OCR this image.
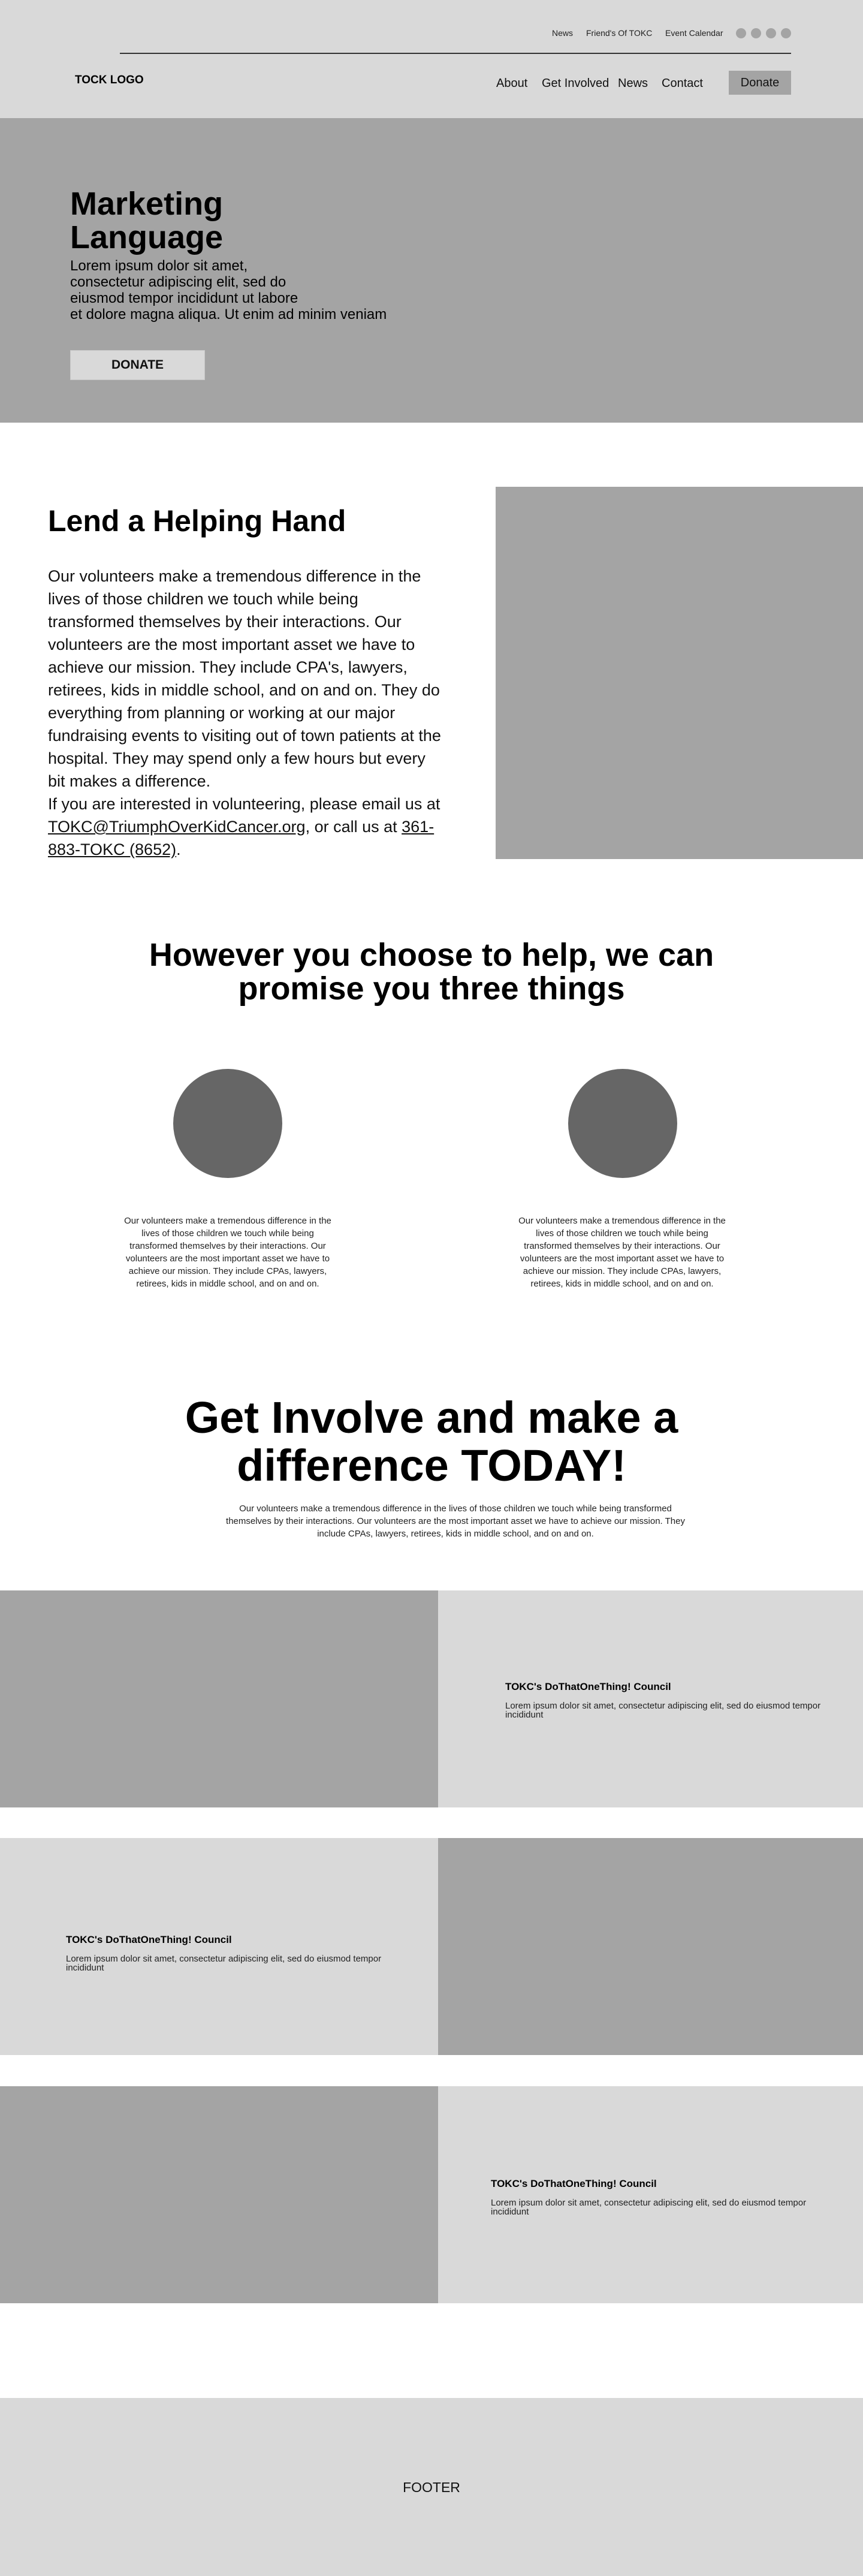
News Friend's Of TOKC Event Calendar
TOCK LOGO	About Get Involved News Contact	Donate
Marketing Language

Lorem ipsum dolor sit amet,
consectetur adipiscing elit, sed do
eiusmod tempor incididunt ut labore
et dolore magna aliqua. Ut enim ad minim veniam

DONATE
Lend a Helping Hand
Our volunteers make a tremendous difference in the lives of those children we touch while being transformed themselves by their interactions. Our volunteers are the most important asset we have to achieve our mission. They include CPA's, lawyers, retirees, kids in middle school, and on and on. They do everything from planning or working at our major fundraising events to visiting out of town patients at the hospital. They may spend only a few hours but every bit makes a difference.
If you are interested in volunteering, please email us at TOKC@TriumphOverKidCancer.org, or call us at 361-883-TOKC (8652).
However you choose to help, we can promise you three things

Our volunteers make a tremendous difference in the lives of those children we touch while being transformed themselves by their interactions. Our volunteers are the most important asset we have to achieve our mission. They include CPAs, lawyers, retirees, kids in middle school, and on and on.

Our volunteers make a tremendous difference in the lives of those children we touch while being transformed themselves by their interactions. Our volunteers are the most important asset we have to achieve our mission. They include CPAs, lawyers, retirees, kids in middle school, and on and on.

Get Involve and make a difference TODAY!

Our volunteers make a tremendous difference in the lives of those children we touch while being transformed themselves by their interactions. Our volunteers are the most important asset we have to achieve our mission. They include CPAs, lawyers, retirees, kids in middle school, and on and on.

TOKC's DoThatOneThing! Council

Lorem ipsum dolor sit amet, consectetur adipiscing elit, sed do eiusmod tempor incididunt

TOKC's DoThatOneThing! Council

Lorem ipsum dolor sit amet, consectetur adipiscing elit, sed do eiusmod tempor incididunt

TOKC's DoThatOneThing! Council

Lorem ipsum dolor sit amet, consectetur adipiscing elit, sed do eiusmod tempor incididunt

FOOTER
